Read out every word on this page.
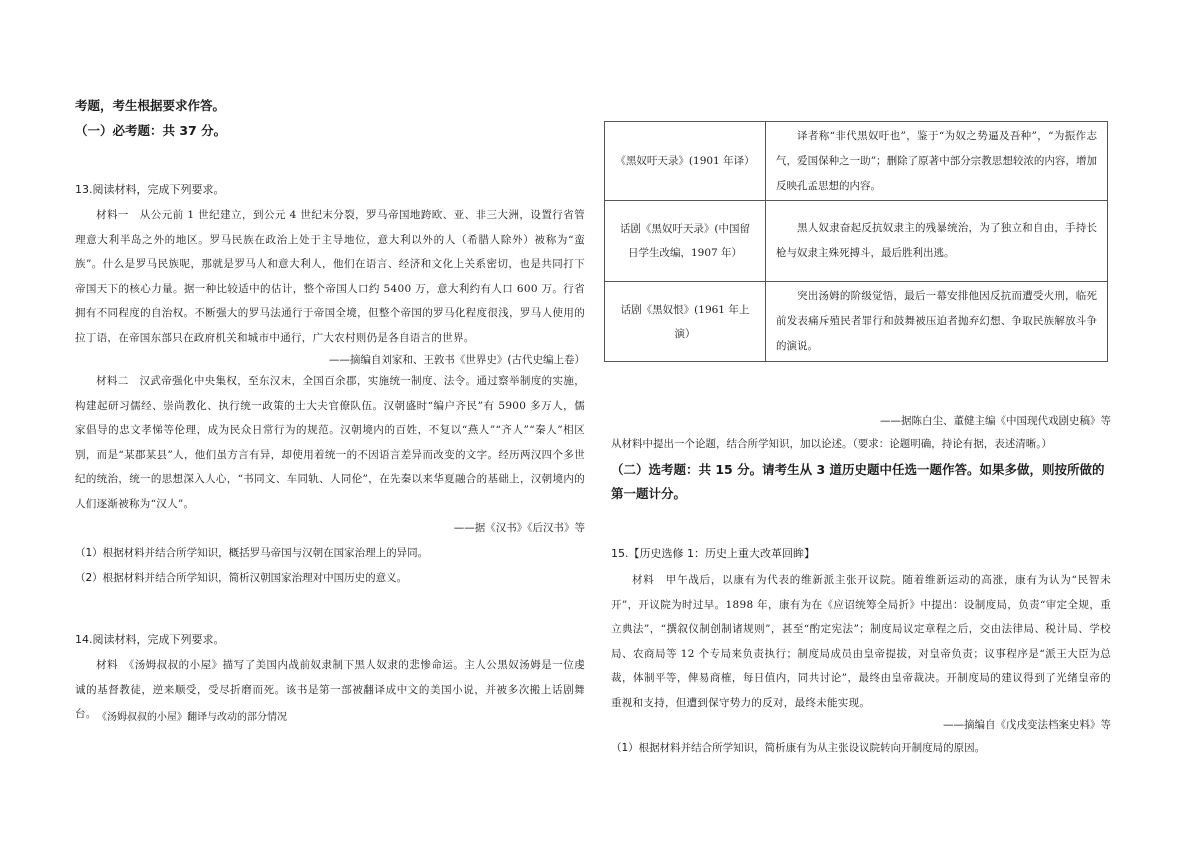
考题，考生根据要求作答。

（一）必考题：共 37 分。

13.阅读材料，完成下列要求。

材料一　从公元前 1 世纪建立，到公元 4 世纪末分裂，罗马帝国地跨欧、亚、非三大洲，设置行省管理意大利半岛之外的地区。罗马民族在政治上处于主导地位，意大利以外的人（希腊人除外）被称为“蛮族”。什么是罗马民族呢，那就是罗马人和意大利人，他们在语言、经济和文化上关系密切，也是共同打下帝国天下的核心力量。据一种比较适中的估计，整个帝国人口约 5400 万，意大利约有人口 600 万。行省拥有不同程度的自治权。不断强大的罗马法通行于帝国全境，但整个帝国的罗马化程度很浅，罗马人使用的拉丁语，在帝国东部只在政府机关和城市中通行，广大农村则仍是各自语言的世界。

——摘编自刘家和、王敦书《世界史》(古代史编上卷）

材料二　汉武帝强化中央集权，至东汉末，全国百余郡，实施统一制度、法令。通过察举制度的实施，构建起研习儒经、崇尚教化、执行统一政策的士大夫官僚队伍。汉朝盛时“编户齐民”有 5900 多万人，儒家倡导的忠文孝悌等伦理，成为民众日常行为的规范。汉朝境内的百姓，不复以“燕人”“齐人”“秦人”相区别，而是“某郡某县”人，他们虽方言有异，却使用着统一的不因语言差异而改变的文字。经历两汉四个多世纪的统治，统一的思想深入人心，“书同文、车同轨、人同伦”，在先秦以来华夏融合的基础上，汉朝境内的人们逐渐被称为“汉人”。

——据《汉书》《后汉书》等

（1）根据材料并结合所学知识，概括罗马帝国与汉朝在国家治理上的异同。

（2）根据材料并结合所学知识，简析汉朝国家治理对中国历史的意义。

14.阅读材料，完成下列要求。

材料　《汤姆叔叔的小屋》描写了美国内战前奴隶制下黑人奴隶的悲惨命运。主人公黑奴汤姆是一位虔诚的基督教徒，逆来顺受，受尽折磨而死。该书是第一部被翻译成中文的美国小说，并被多次搬上话剧舞台。 《汤姆叔叔的小屋》翻译与改动的部分情况

《黑奴吁天录》(1901 年译）	译者称“非代黑奴吁也”，鉴于“为奴之势逼及吾种”，“为振作志气，爱国保种之一助”；删除了原著中部分宗教思想较浓的内容，增加反映孔孟思想的内容。
话剧《黑奴吁天录》(中国留日学生改编，1907 年）	黑人奴隶奋起反抗奴隶主的残暴统治，为了独立和自由，手持长枪与奴隶主殊死搏斗，最后胜利出逃。
话剧《黑奴恨》(1961 年上演）	突出汤姆的阶级觉悟，最后一幕安排他因反抗而遭受火刑，临死前发表痛斥殖民者罪行和鼓舞被压迫者抛弃幻想、争取民族解放斗争的演说。

——据陈白尘、董健主编《中国现代戏剧史稿》等

从材料中提出一个论题，结合所学知识，加以论述。（要求：论题明确，持论有据，表述清晰。）

（二）选考题：共 15 分。请考生从 3 道历史题中任选一题作答。如果多做，则按所做的第一题计分。

15.【历史选修 1：历史上重大改革回眸】

材料　甲午战后，以康有为代表的维新派主张开议院。随着维新运动的高涨，康有为认为“民智未开”，开议院为时过早。1898 年，康有为在《应诏统筹全局折》中提出：设制度局，负责“审定全规，重立典法”，“撰叙仪制创制诸规则”，甚至“酌定宪法”；制度局议定章程之后，交由法律局、税计局、学校局、农商局等 12 个专局来负责执行；制度局成员由皇帝提拔，对皇帝负责；议事程序是“派王大臣为总裁，体制平等，俾易商榷，每日值内，同共讨论”，最终由皇帝裁决。开制度局的建议得到了光绪皇帝的重视和支持，但遭到保守势力的反对，最终未能实现。

——摘编自《戊戌变法档案史料》等

（1）根据材料并结合所学知识，简析康有为从主张设议院转向开制度局的原因。
